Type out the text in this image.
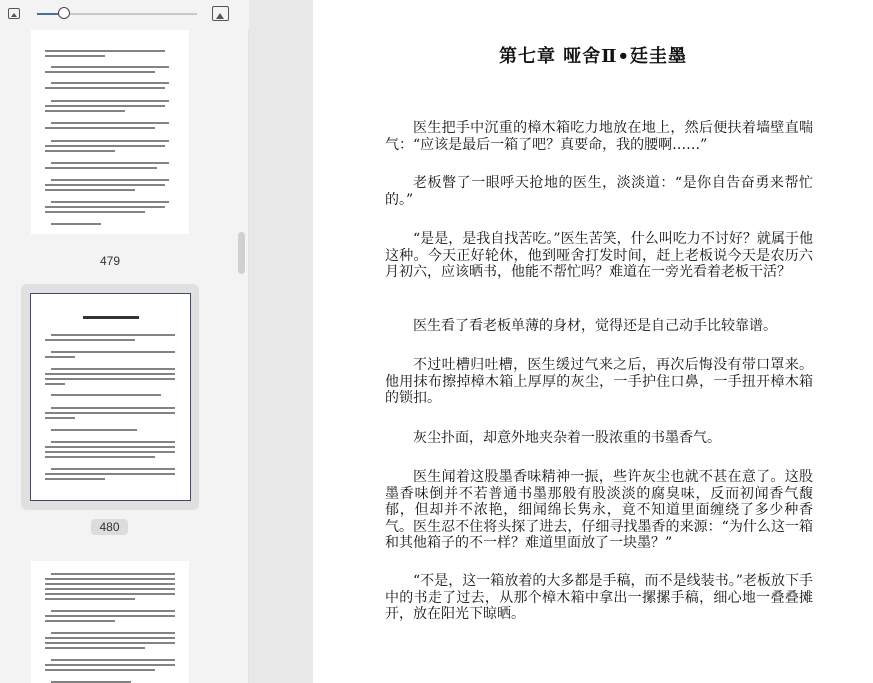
479
480
第七章 哑舍Ⅱ•廷圭墨
医生把手中沉重的樟木箱吃力地放在地上，然后便扶着墙壁直喘气：“应该是最后一箱了吧？真要命，我的腰啊……”
老板瞥了一眼呼天抢地的医生，淡淡道：“是你自告奋勇来帮忙的。”
“是是，是我自找苦吃。”医生苦笑，什么叫吃力不讨好？就属于他这种。今天正好轮休，他到哑舍打发时间，赶上老板说今天是农历六月初六，应该晒书，他能不帮忙吗？难道在一旁光看着老板干活？
医生看了看老板单薄的身材，觉得还是自己动手比较靠谱。
不过吐槽归吐槽，医生缓过气来之后，再次后悔没有带口罩来。他用抹布擦掉樟木箱上厚厚的灰尘，一手护住口鼻，一手扭开樟木箱的锁扣。
灰尘扑面，却意外地夹杂着一股浓重的书墨香气。
医生闻着这股墨香味精神一振，些许灰尘也就不甚在意了。这股墨香味倒并不若普通书墨那般有股淡淡的腐臭味，反而初闻香气馥郁，但却并不浓艳，细闻绵长隽永，竟不知道里面缠绕了多少种香气。医生忍不住将头探了进去，仔细寻找墨香的来源：“为什么这一箱和其他箱子的不一样？难道里面放了一块墨？”
“不是，这一箱放着的大多都是手稿，而不是线装书。”老板放下手中的书走了过去，从那个樟木箱中拿出一摞摞手稿，细心地一叠叠摊开，放在阳光下晾晒。
